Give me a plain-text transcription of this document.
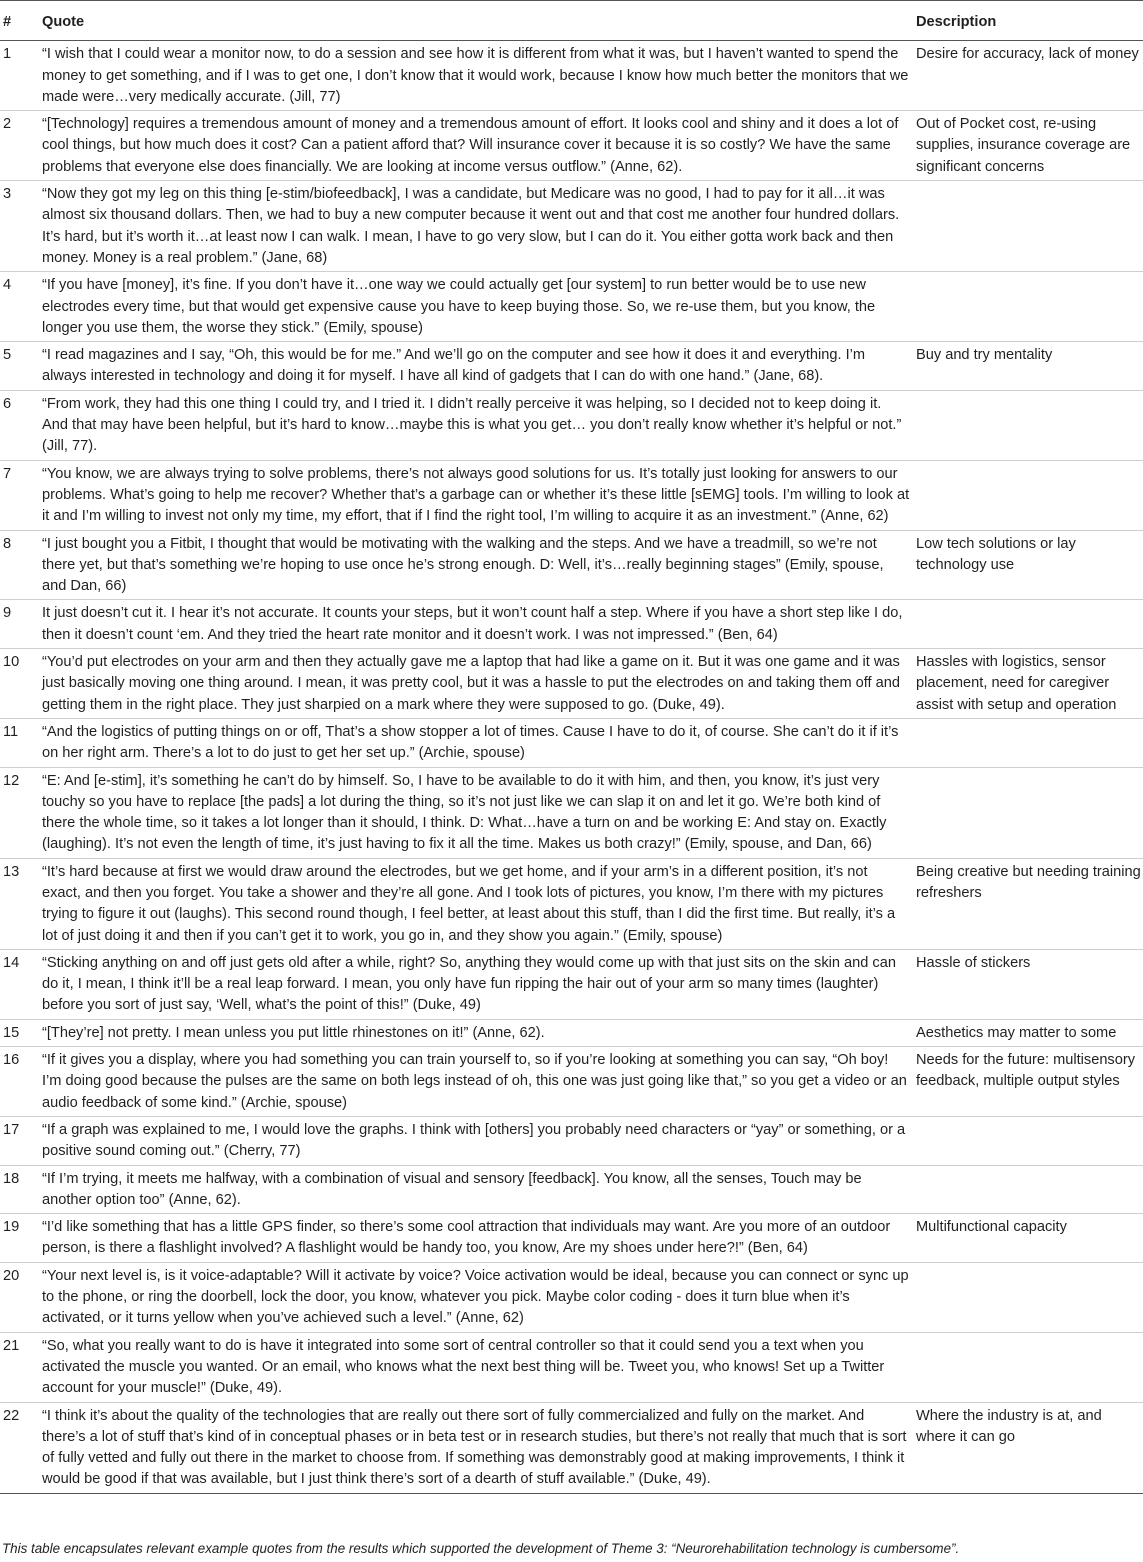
#	Quote	Description
1	“I wish that I could wear a monitor now, to do a session and see how it is different from what it was, but I haven’t wanted to spend the money to get something, and if I was to get one, I don’t know that it would work, because I know how much better the monitors that we made were…very medically accurate. (Jill, 77)	Desire for accuracy, lack of money
2	“[Technology] requires a tremendous amount of money and a tremendous amount of effort. It looks cool and shiny and it does a lot of cool things, but how much does it cost? Can a patient afford that? Will insurance cover it because it is so costly? We have the same problems that everyone else does financially. We are looking at income versus outflow.” (Anne, 62).	Out of Pocket cost, re-using supplies, insurance coverage are significant concerns
3	“Now they got my leg on this thing [e-stim/biofeedback], I was a candidate, but Medicare was no good, I had to pay for it all…it was almost six thousand dollars. Then, we had to buy a new computer because it went out and that cost me another four hundred dollars. It’s hard, but it’s worth it…at least now I can walk. I mean, I have to go very slow, but I can do it. You either gotta work back and then money. Money is a real problem.” (Jane, 68)	
4	“If you have [money], it’s fine. If you don’t have it…one way we could actually get [our system] to run better would be to use new electrodes every time, but that would get expensive cause you have to keep buying those. So, we re-use them, but you know, the longer you use them, the worse they stick.” (Emily, spouse)	
5	“I read magazines and I say, “Oh, this would be for me.” And we’ll go on the computer and see how it does it and everything. I’m always interested in technology and doing it for myself. I have all kind of gadgets that I can do with one hand.” (Jane, 68).	Buy and try mentality
6	“From work, they had this one thing I could try, and I tried it. I didn’t really perceive it was helping, so I decided not to keep doing it. And that may have been helpful, but it’s hard to know…maybe this is what you get… you don’t really know whether it’s helpful or not.” (Jill, 77).	
7	“You know, we are always trying to solve problems, there’s not always good solutions for us. It’s totally just looking for answers to our problems. What’s going to help me recover? Whether that’s a garbage can or whether it’s these little [sEMG] tools. I’m willing to look at it and I’m willing to invest not only my time, my effort, that if I find the right tool, I’m willing to acquire it as an investment.” (Anne, 62)	
8	“I just bought you a Fitbit, I thought that would be motivating with the walking and the steps. And we have a treadmill, so we’re not there yet, but that’s something we’re hoping to use once he’s strong enough. D: Well, it’s…really beginning stages” (Emily, spouse, and Dan, 66)	Low tech solutions or lay technology use
9	It just doesn’t cut it. I hear it’s not accurate. It counts your steps, but it won’t count half a step. Where if you have a short step like I do, then it doesn’t count ‘em. And they tried the heart rate monitor and it doesn’t work. I was not impressed.” (Ben, 64)	
10	“You’d put electrodes on your arm and then they actually gave me a laptop that had like a game on it. But it was one game and it was just basically moving one thing around. I mean, it was pretty cool, but it was a hassle to put the electrodes on and taking them off and getting them in the right place. They just sharpied on a mark where they were supposed to go. (Duke, 49).	Hassles with logistics, sensor placement, need for caregiver assist with setup and operation
11	“And the logistics of putting things on or off, That’s a show stopper a lot of times. Cause I have to do it, of course. She can’t do it if it’s on her right arm. There’s a lot to do just to get her set up.” (Archie, spouse)	
12	“E: And [e-stim], it’s something he can’t do by himself. So, I have to be available to do it with him, and then, you know, it’s just very touchy so you have to replace [the pads] a lot during the thing, so it’s not just like we can slap it on and let it go. We’re both kind of there the whole time, so it takes a lot longer than it should, I think. D: What…have a turn on and be working E: And stay on. Exactly (laughing). It’s not even the length of time, it’s just having to fix it all the time. Makes us both crazy!” (Emily, spouse, and Dan, 66)	
13	“It’s hard because at first we would draw around the electrodes, but we get home, and if your arm’s in a different position, it’s not exact, and then you forget. You take a shower and they’re all gone. And I took lots of pictures, you know, I’m there with my pictures trying to figure it out (laughs). This second round though, I feel better, at least about this stuff, than I did the first time. But really, it’s a lot of just doing it and then if you can’t get it to work, you go in, and they show you again.” (Emily, spouse)	Being creative but needing training refreshers
14	“Sticking anything on and off just gets old after a while, right? So, anything they would come up with that just sits on the skin and can do it, I mean, I think it’ll be a real leap forward. I mean, you only have fun ripping the hair out of your arm so many times (laughter) before you sort of just say, ‘Well, what’s the point of this!” (Duke, 49)	Hassle of stickers
15	“[They’re] not pretty. I mean unless you put little rhinestones on it!” (Anne, 62).	Aesthetics may matter to some
16	“If it gives you a display, where you had something you can train yourself to, so if you’re looking at something you can say, “Oh boy! I’m doing good because the pulses are the same on both legs instead of oh, this one was just going like that,” so you get a video or an audio feedback of some kind.” (Archie, spouse)	Needs for the future: multisensory feedback, multiple output styles
17	“If a graph was explained to me, I would love the graphs. I think with [others] you probably need characters or “yay” or something, or a positive sound coming out.” (Cherry, 77)	
18	“If I’m trying, it meets me halfway, with a combination of visual and sensory [feedback]. You know, all the senses, Touch may be another option too” (Anne, 62).	
19	“I’d like something that has a little GPS finder, so there’s some cool attraction that individuals may want. Are you more of an outdoor person, is there a flashlight involved? A flashlight would be handy too, you know, Are my shoes under here?!” (Ben, 64)	Multifunctional capacity
20	“Your next level is, is it voice-adaptable? Will it activate by voice? Voice activation would be ideal, because you can connect or sync up to the phone, or ring the doorbell, lock the door, you know, whatever you pick. Maybe color coding - does it turn blue when it’s activated, or it turns yellow when you’ve achieved such a level.” (Anne, 62)	
21	“So, what you really want to do is have it integrated into some sort of central controller so that it could send you a text when you activated the muscle you wanted. Or an email, who knows what the next best thing will be. Tweet you, who knows! Set up a Twitter account for your muscle!” (Duke, 49).	
22	“I think it’s about the quality of the technologies that are really out there sort of fully commercialized and fully on the market. And there’s a lot of stuff that’s kind of in conceptual phases or in beta test or in research studies, but there’s not really that much that is sort of fully vetted and fully out there in the market to choose from. If something was demonstrably good at making improvements, I think it would be good if that was available, but I just think there’s sort of a dearth of stuff available.” (Duke, 49).	Where the industry is at, and where it can go
This table encapsulates relevant example quotes from the results which supported the development of Theme 3: “Neurorehabilitation technology is cumbersome”.
